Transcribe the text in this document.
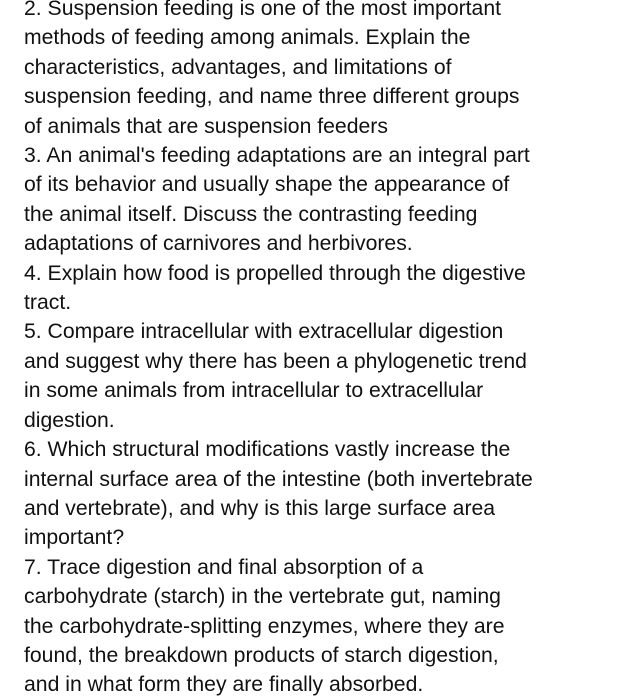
2. Suspension feeding is one of the most important
methods of feeding among animals. Explain the
characteristics, advantages, and limitations of
suspension feeding, and name three different groups
of animals that are suspension feeders
3. An animal's feeding adaptations are an integral part
of its behavior and usually shape the appearance of
the animal itself. Discuss the contrasting feeding
adaptations of carnivores and herbivores.
4. Explain how food is propelled through the digestive
tract.
5. Compare intracellular with extracellular digestion
and suggest why there has been a phylogenetic trend
in some animals from intracellular to extracellular
digestion.
6. Which structural modifications vastly increase the
internal surface area of the intestine (both invertebrate
and vertebrate), and why is this large surface area
important?
7. Trace digestion and final absorption of a
carbohydrate (starch) in the vertebrate gut, naming
the carbohydrate-splitting enzymes, where they are
found, the breakdown products of starch digestion,
and in what form they are finally absorbed.
